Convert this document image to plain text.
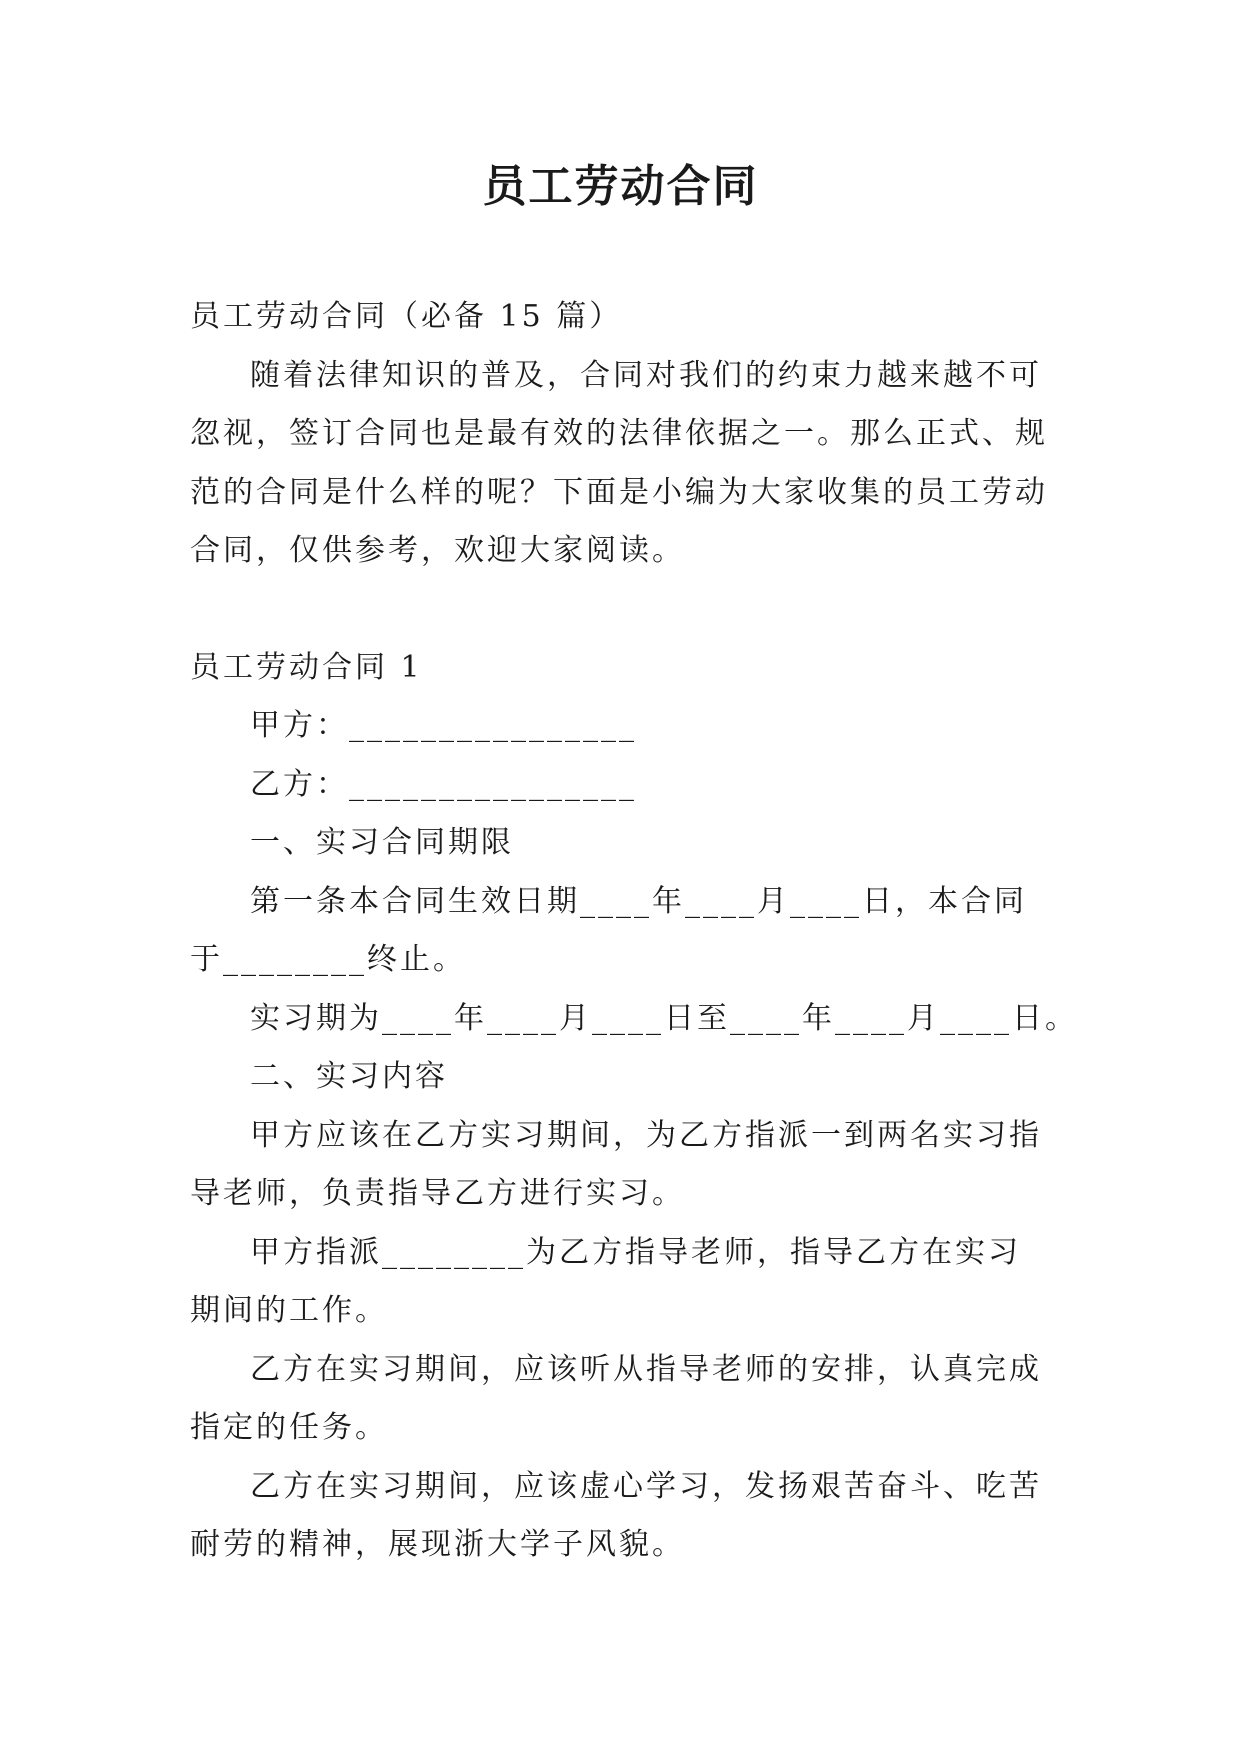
员工劳动合同

员工劳动合同（必备 15 篇）

随着法律知识的普及，合同对我们的约束力越来越不可忽视，签订合同也是最有效的法律依据之一。那么正式、规范的合同是什么样的呢？下面是小编为大家收集的员工劳动合同，仅供参考，欢迎大家阅读。

员工劳动合同 1

甲方：________________

乙方：________________

一、实习合同期限

第一条本合同生效日期____年____月____日，本合同于________终止。

实习期为____年____月____日至____年____月____日。

二、实习内容

甲方应该在乙方实习期间，为乙方指派一到两名实习指导老师，负责指导乙方进行实习。

甲方指派________为乙方指导老师，指导乙方在实习期间的工作。

乙方在实习期间，应该听从指导老师的安排，认真完成指定的任务。

乙方在实习期间，应该虚心学习，发扬艰苦奋斗、吃苦耐劳的精神，展现浙大学子风貌。
